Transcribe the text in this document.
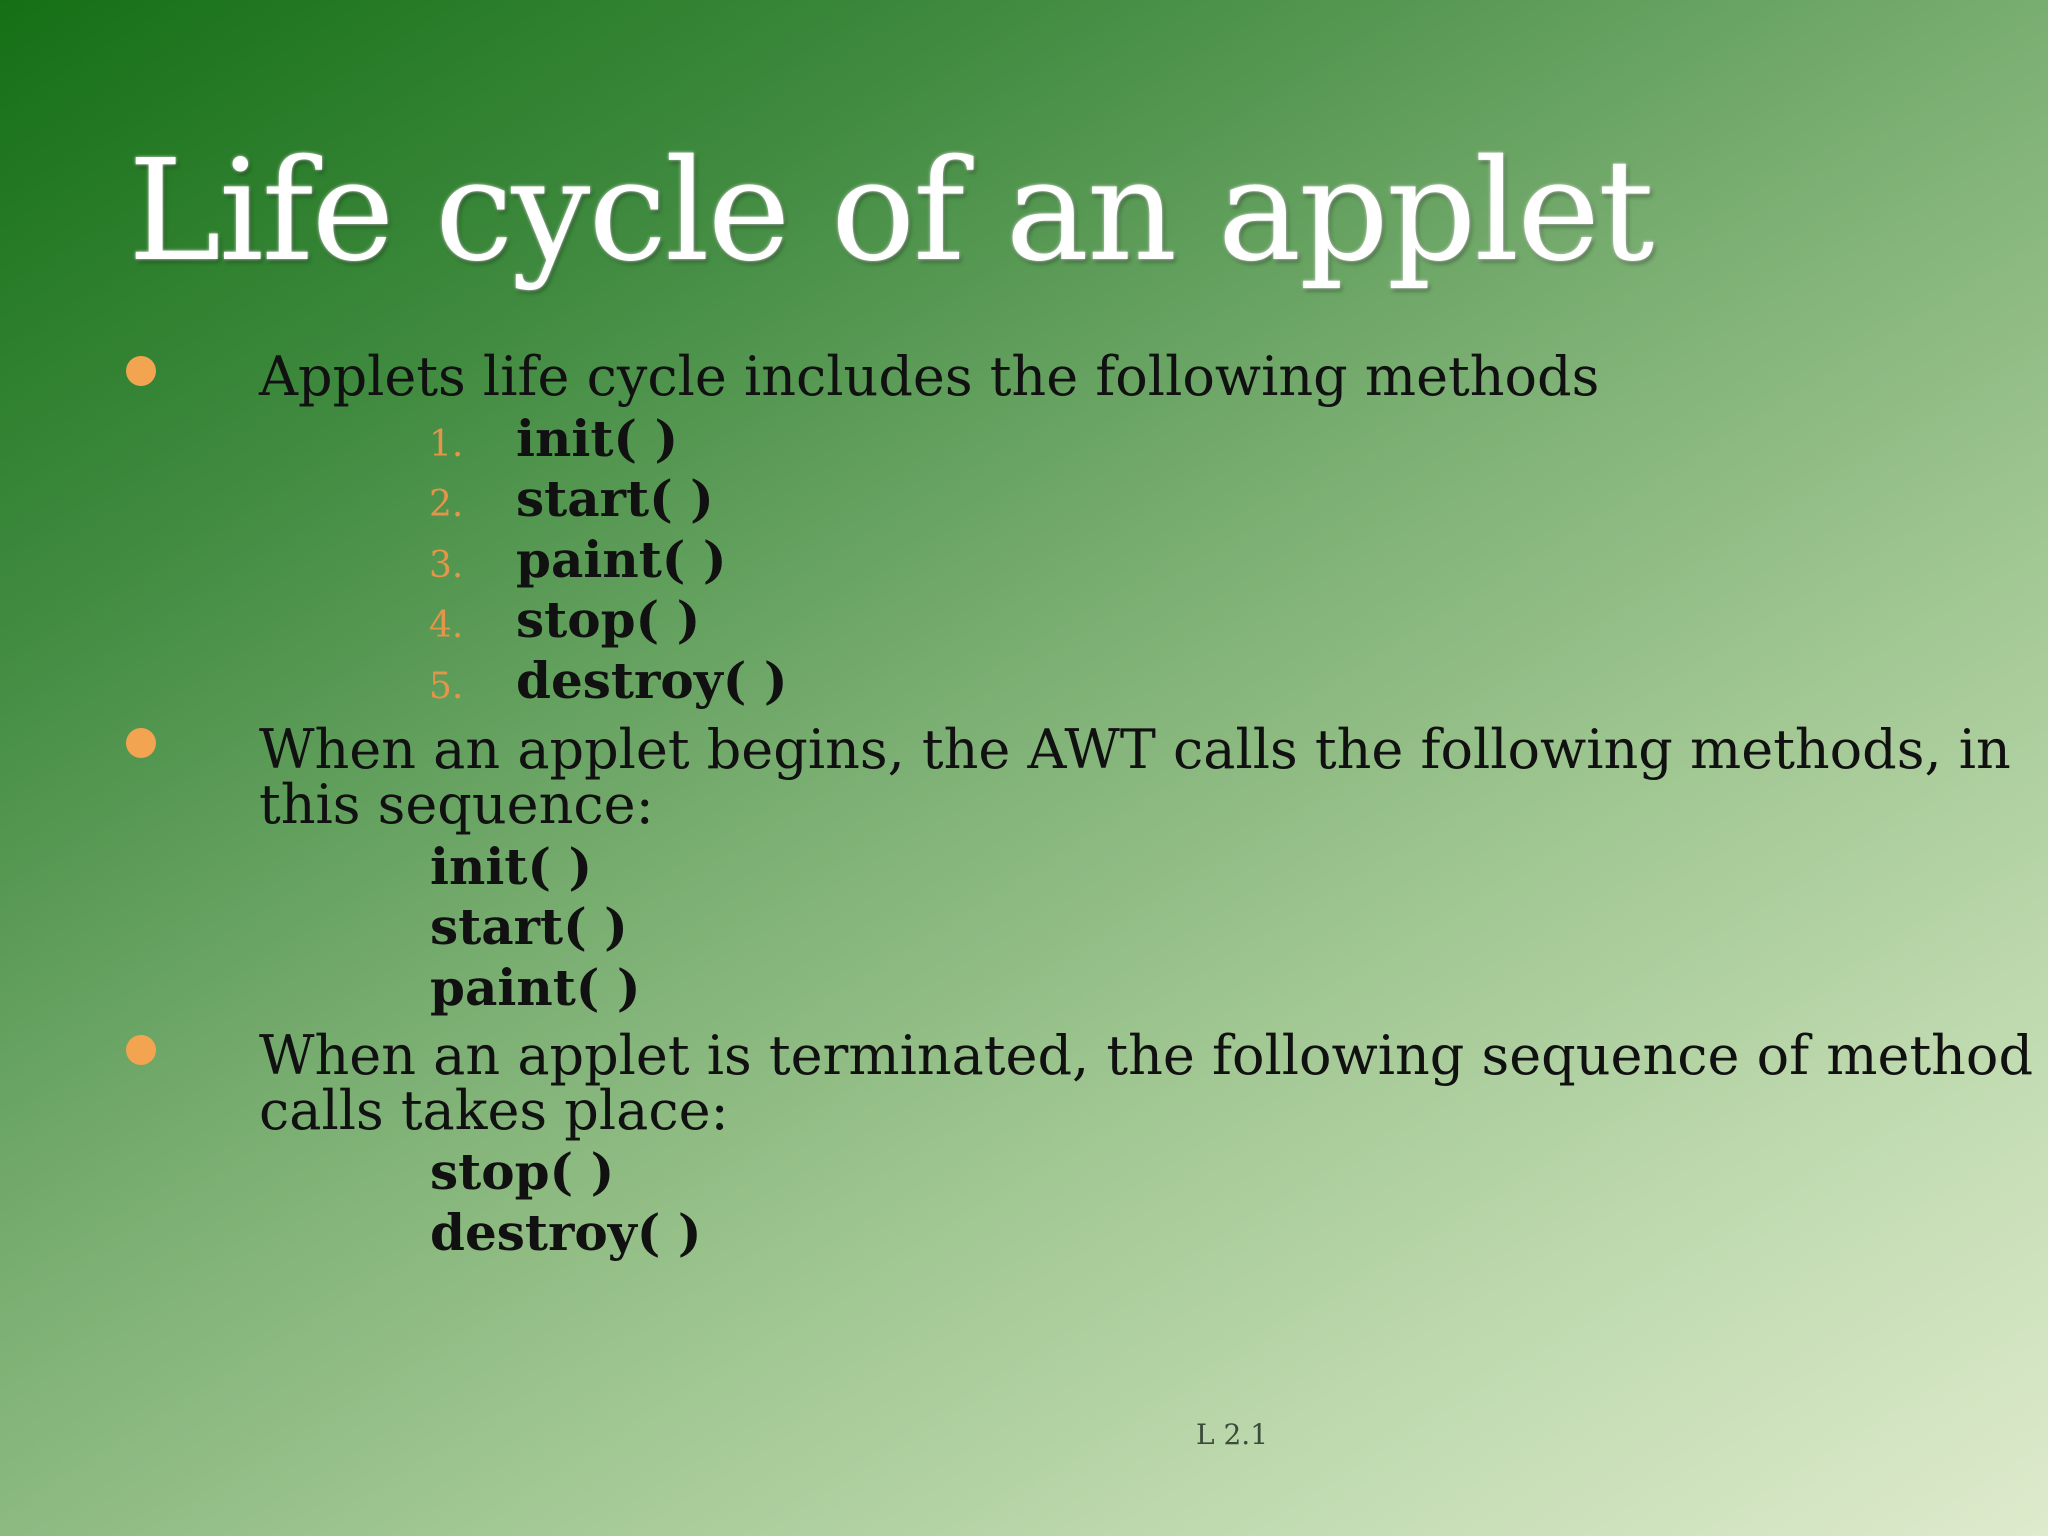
Life cycle of an applet
Applets life cycle includes the following methods
1.	init( )
2.	start( )
3.	paint( )
4.	stop( )
5.	destroy( )
When an applet begins, the AWT calls the following methods, in
this sequence:
init( )
start( )
paint( )
When an applet is terminated, the following sequence of method
calls takes place:
stop( )
destroy( )
L 2.1
